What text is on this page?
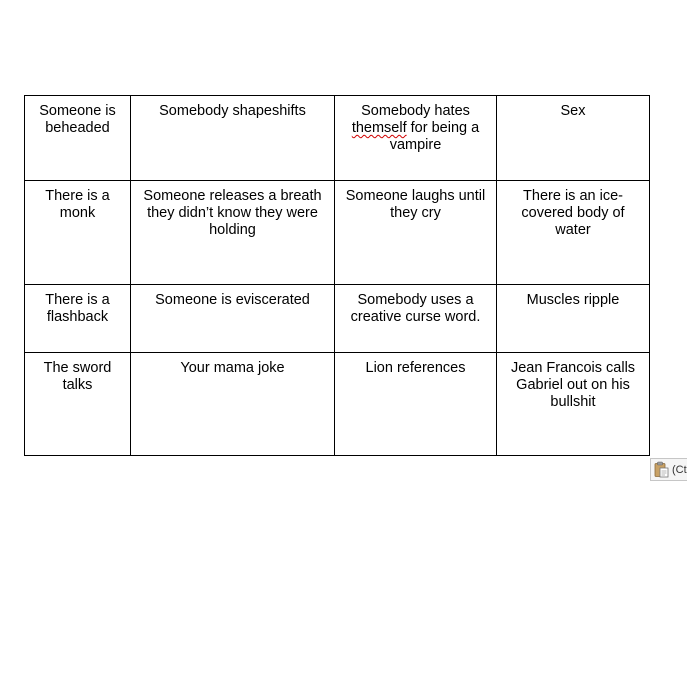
Someone is beheaded	Somebody shapeshifts	Somebody hates themself for being a vampire	Sex
There is a monk	Someone releases a breath they didn’t know they were holding	Someone laughs until they cry	There is an ice-covered body of water
There is a flashback	Someone is eviscerated	Somebody uses a creative curse word.	Muscles ripple
The sword talks	Your mama joke	Lion references	Jean Francois calls Gabriel out on his bullshit
(Ct
